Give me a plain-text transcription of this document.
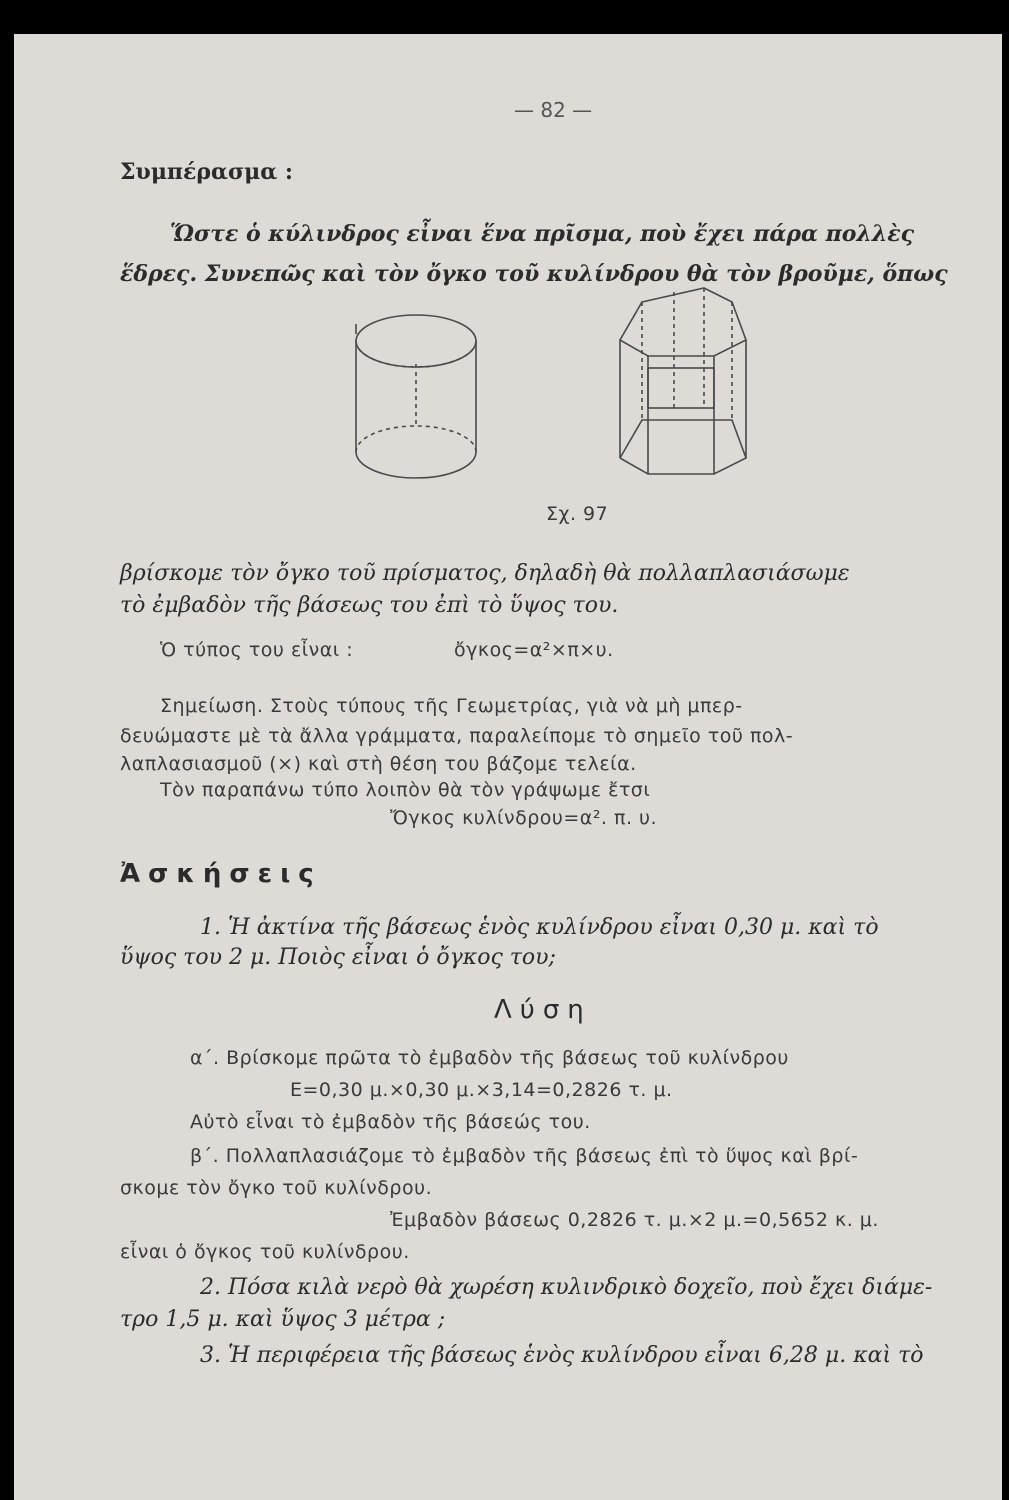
— 82 —
Συμπέρασμα :
Ὥστε ὁ κύλινδρος εἶναι ἕνα πρῖσμα, ποὺ ἔχει πάρα πολλὲς
ἕδρες. Συνεπῶς καὶ τὸν ὄγκο τοῦ κυλίνδρου θὰ τὸν βροῦμε, ὅπως
Σχ. 97
βρίσκομε τὸν ὄγκο τοῦ πρίσματος, δηλαδὴ θὰ πολλαπλασιάσωμε
τὸ ἐμβαδὸν τῆς βάσεως του ἐπὶ τὸ ὕψος του.
Ὁ τύπος του εἶναι :	ὄγκος=α²×π×υ.
Σημείωση. Στοὺς τύπους τῆς Γεωμετρίας, γιὰ νὰ μὴ μπερ-
δευώμαστε μὲ τὰ ἄλλα γράμματα, παραλείπομε τὸ σημεῖο τοῦ πολ-
λαπλασιασμοῦ (×) καὶ στὴ θέση του βάζομε τελεία.
Τὸν παραπάνω τύπο λοιπὸν θὰ τὸν γράψωμε ἔτσι
Ὄγκος κυλίνδρου=α². π. υ.
Ἀσκήσεις
1. Ἡ ἀκτίνα τῆς βάσεως ἑνὸς κυλίνδρου εἶναι 0,30 μ. καὶ τὸ
ὕψος του 2 μ. Ποιὸς εἶναι ὁ ὄγκος του;
Λύση
α΄. Βρίσκομε πρῶτα τὸ ἐμβαδὸν τῆς βάσεως τοῦ κυλίνδρου
Ε=0,30 μ.×0,30 μ.×3,14=0,2826 τ. μ.
Αὐτὸ εἶναι τὸ ἐμβαδὸν τῆς βάσεώς του.
β΄. Πολλαπλασιάζομε τὸ ἐμβαδὸν τῆς βάσεως ἐπὶ τὸ ὕψος καὶ βρί-
σκομε τὸν ὄγκο τοῦ κυλίνδρου.
Ἐμβαδὸν βάσεως 0,2826 τ. μ.×2 μ.=0,5652 κ. μ.
εἶναι ὁ ὄγκος τοῦ κυλίνδρου.
2. Πόσα κιλὰ νερὸ θὰ χωρέση κυλινδρικὸ δοχεῖο, ποὺ ἔχει διάμε-
τρο 1,5 μ. καὶ ὕψος 3 μέτρα ;
3. Ἡ περιφέρεια τῆς βάσεως ἑνὸς κυλίνδρου εἶναι 6,28 μ. καὶ τὸ
